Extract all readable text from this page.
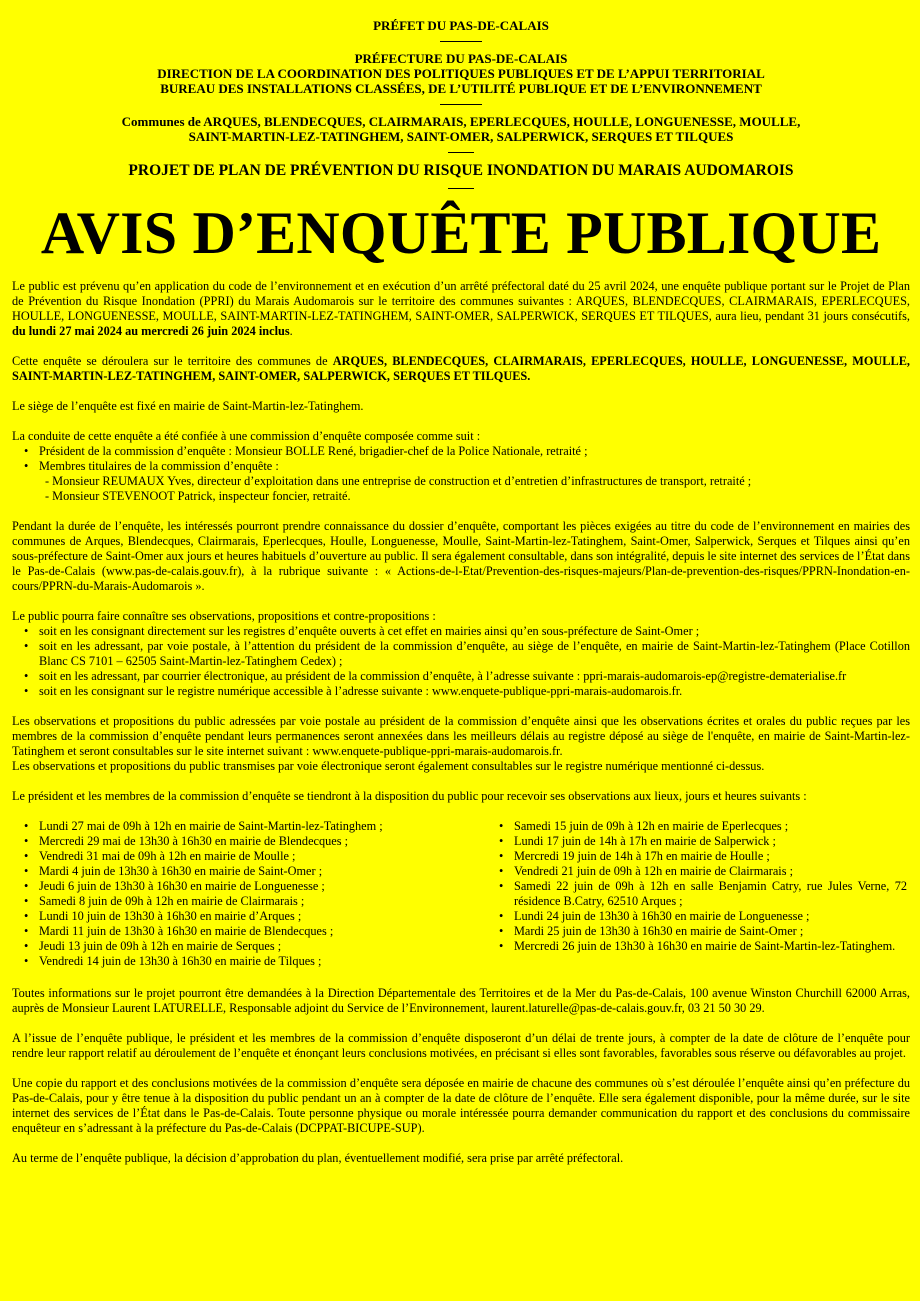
PRÉFET DU PAS-DE-CALAIS
PRÉFECTURE DU PAS-DE-CALAIS
DIRECTION DE LA COORDINATION DES POLITIQUES PUBLIQUES ET DE L’APPUI TERRITORIAL
BUREAU DES INSTALLATIONS CLASSÉES, DE L’UTILITÉ PUBLIQUE ET DE L’ENVIRONNEMENT
Communes de ARQUES, BLENDECQUES, CLAIRMARAIS, EPERLECQUES, HOULLE, LONGUENESSE, MOULLE,
SAINT-MARTIN-LEZ-TATINGHEM, SAINT-OMER, SALPERWICK, SERQUES ET TILQUES
PROJET DE PLAN DE PRÉVENTION DU RISQUE INONDATION DU MARAIS AUDOMAROIS
AVIS D’ENQUÊTE PUBLIQUE

Le public est prévenu qu’en application du code de l’environnement et en exécution d’un arrêté préfectoral daté du 25 avril 2024, une enquête publique portant sur le Projet de Plan de Prévention du Risque Inondation (PPRI) du Marais Audomarois sur le territoire des communes suivantes : ARQUES, BLENDECQUES, CLAIRMARAIS, EPERLECQUES, HOULLE, LONGUENESSE, MOULLE, SAINT-MARTIN-LEZ-TATINGHEM, SAINT-OMER, SALPERWICK, SERQUES ET TILQUES, aura lieu, pendant 31 jours consécutifs, du lundi 27 mai 2024 au mercredi 26 juin 2024 inclus.

Cette enquête se déroulera sur le territoire des communes de ARQUES, BLENDECQUES, CLAIRMARAIS, EPERLECQUES, HOULLE, LONGUENESSE, MOULLE, SAINT-MARTIN-LEZ-TATINGHEM, SAINT-OMER, SALPERWICK, SERQUES ET TILQUES.

Le siège de l’enquête est fixé en mairie de Saint-Martin-lez-Tatinghem.

La conduite de cette enquête a été confiée à une commission d’enquête composée comme suit :

• Président de la commission d’enquête : Monsieur BOLLE René, brigadier-chef de la Police Nationale, retraité ;
• Membres titulaires de la commission d’enquête :
- Monsieur REUMAUX Yves, directeur d’exploitation dans une entreprise de construction et d’entretien d’infrastructures de transport, retraité ;
- Monsieur STEVENOOT Patrick, inspecteur foncier, retraité.

Pendant la durée de l’enquête, les intéressés pourront prendre connaissance du dossier d’enquête, comportant les pièces exigées au titre du code de l’environnement en mairies des communes de Arques, Blendecques, Clairmarais, Eperlecques, Houlle, Longuenesse, Moulle, Saint-Martin-lez-Tatinghem, Saint-Omer, Salperwick, Serques et Tilques ainsi qu’en sous-préfecture de Saint-Omer aux jours et heures habituels d’ouverture au public. Il sera également consultable, dans son intégralité, depuis le site internet des services de l’État dans le Pas-de-Calais (www.pas-de-calais.gouv.fr), à la rubrique suivante : « Actions-de-l-Etat/Prevention-des-risques-majeurs/Plan-de-prevention-des-risques/PPRN-Inondation-en-cours/PPRN-du-Marais-Audomarois ».

Le public pourra faire connaître ses observations, propositions et contre-propositions :

• soit en les consignant directement sur les registres d’enquête ouverts à cet effet en mairies ainsi qu’en sous-préfecture de Saint-Omer ;
• soit en les adressant, par voie postale, à l’attention du président de la commission d’enquête, au siège de l’enquête, en mairie de Saint-Martin-lez-Tatinghem (Place Cotillon Blanc CS 7101 – 62505 Saint-Martin-lez-Tatinghem Cedex) ;
• soit en les adressant, par courrier électronique, au président de la commission d’enquête, à l’adresse suivante : ppri-marais-audomarois-ep@registre-dematerialise.fr
• soit en les consignant sur le registre numérique accessible à l’adresse suivante : www.enquete-publique-ppri-marais-audomarois.fr.

Les observations et propositions du public adressées par voie postale au président de la commission d’enquête ainsi que les observations écrites et orales du public reçues par les membres de la commission d’enquête pendant leurs permanences seront annexées dans les meilleurs délais au registre déposé au siège de l'enquête, en mairie de Saint-Martin-lez-Tatinghem et seront consultables sur le site internet suivant : www.enquete-publique-ppri-marais-audomarois.fr.
Les observations et propositions du public transmises par voie électronique seront également consultables sur le registre numérique mentionné ci-dessus.

Le président et les membres de la commission d’enquête se tiendront à la disposition du public pour recevoir ses observations aux lieux, jours et heures suivants :

• Lundi 27 mai de 09h à 12h en mairie de Saint-Martin-lez-Tatinghem ;
• Mercredi 29 mai de 13h30 à 16h30 en mairie de Blendecques ;
• Vendredi 31 mai de 09h à 12h en mairie de Moulle ;
• Mardi 4 juin de 13h30 à 16h30 en mairie de Saint-Omer ;
• Jeudi 6 juin de 13h30 à 16h30 en mairie de Longuenesse ;
• Samedi 8 juin de 09h à 12h en mairie de Clairmarais ;
• Lundi 10 juin de 13h30 à 16h30 en mairie d’Arques ;
• Mardi 11 juin de 13h30 à 16h30 en mairie de Blendecques ;
• Jeudi 13 juin de 09h à 12h en mairie de Serques ;
• Vendredi 14 juin de 13h30 à 16h30 en mairie de Tilques ;
• Samedi 15 juin de 09h à 12h en mairie de Eperlecques ;
• Lundi 17 juin de 14h à 17h en mairie de Salperwick ;
• Mercredi 19 juin de 14h à 17h en mairie de Houlle ;
• Vendredi 21 juin de 09h à 12h en mairie de Clairmarais ;
• Samedi 22 juin de 09h à 12h en salle Benjamin Catry, rue Jules Verne, 72 résidence B.Catry, 62510 Arques ;
• Lundi 24 juin de 13h30 à 16h30 en mairie de Longuenesse ;
• Mardi 25 juin de 13h30 à 16h30 en mairie de Saint-Omer ;
• Mercredi 26 juin de 13h30 à 16h30 en mairie de Saint-Martin-lez-Tatinghem.

Toutes informations sur le projet pourront être demandées à la Direction Départementale des Territoires et de la Mer du Pas-de-Calais, 100 avenue Winston Churchill 62000 Arras, auprès de Monsieur Laurent LATURELLE, Responsable adjoint du Service de l’Environnement, laurent.laturelle@pas-de-calais.gouv.fr, 03 21 50 30 29.

A l’issue de l’enquête publique, le président et les membres de la commission d’enquête disposeront d’un délai de trente jours, à compter de la date de clôture de l’enquête pour rendre leur rapport relatif au déroulement de l’enquête et énonçant leurs conclusions motivées, en précisant si elles sont favorables, favorables sous réserve ou défavorables au projet.

Une copie du rapport et des conclusions motivées de la commission d’enquête sera déposée en mairie de chacune des communes où s’est déroulée l’enquête ainsi qu’en préfecture du Pas-de-Calais, pour y être tenue à la disposition du public pendant un an à compter de la date de clôture de l’enquête. Elle sera également disponible, pour la même durée, sur le site internet des services de l’État dans le Pas-de-Calais. Toute personne physique ou morale intéressée pourra demander communication du rapport et des conclusions du commissaire enquêteur en s’adressant à la préfecture du Pas-de-Calais (DCPPAT-BICUPE-SUP).

Au terme de l’enquête publique, la décision d’approbation du plan, éventuellement modifié, sera prise par arrêté préfectoral.
